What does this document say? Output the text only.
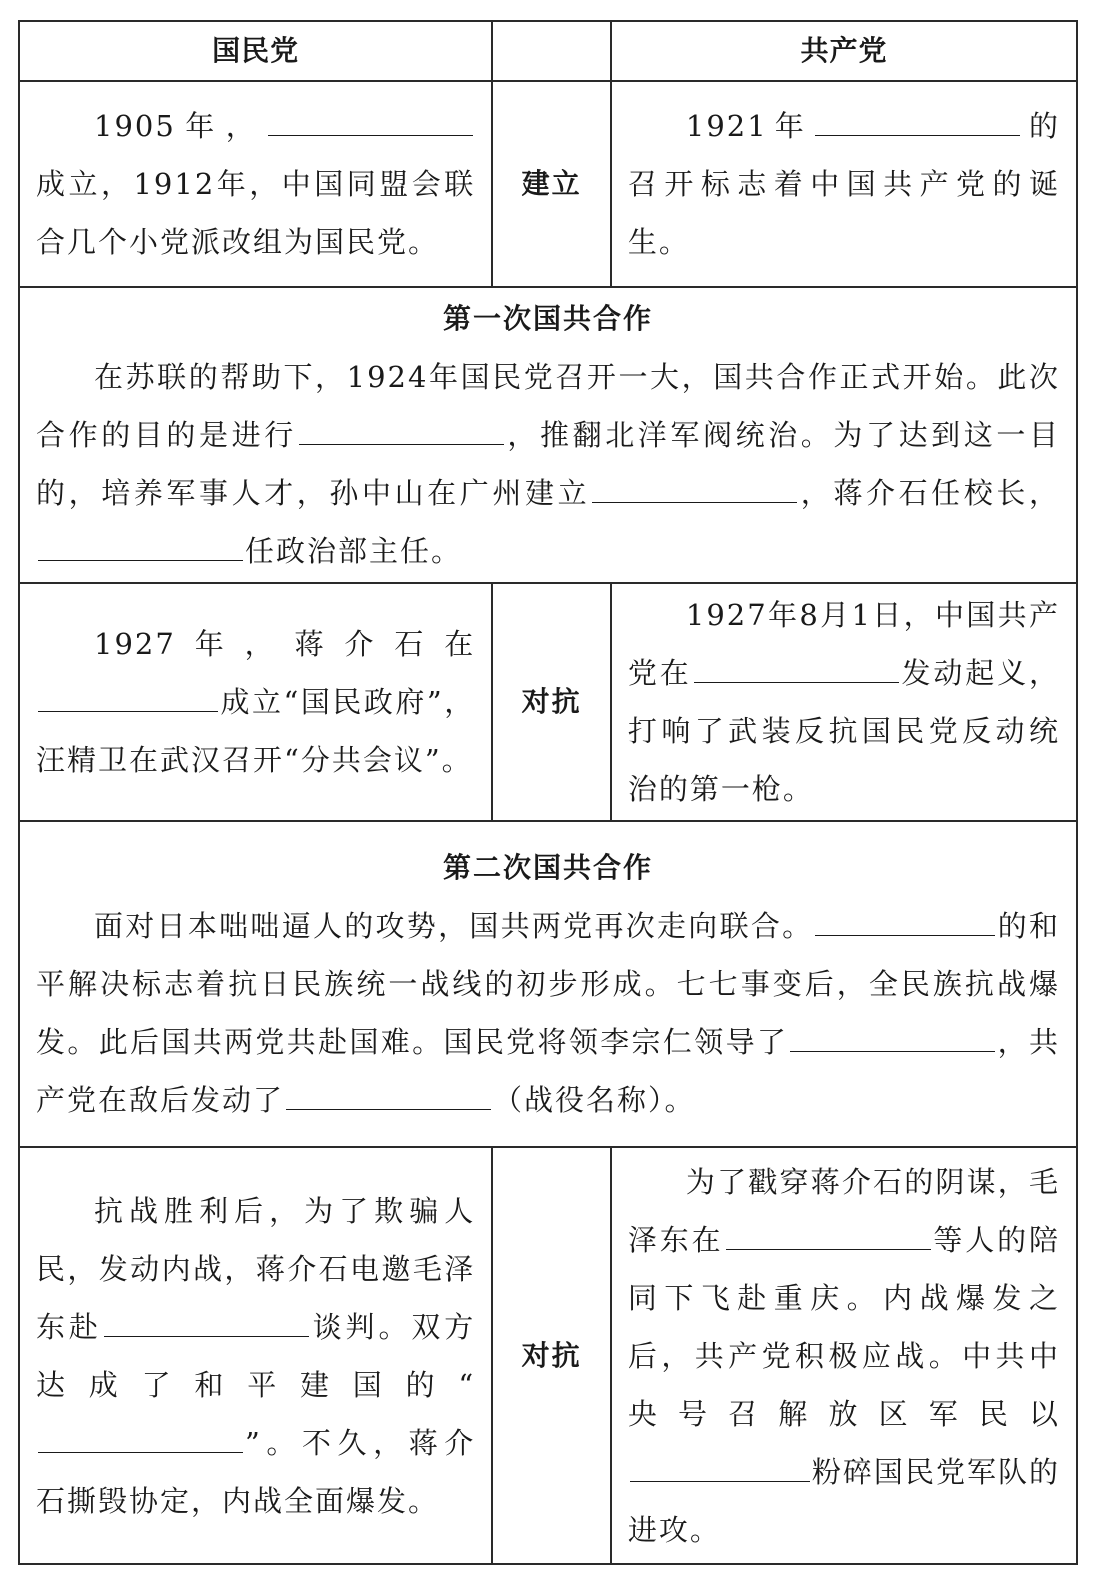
国民党		共产党

1905年，成立，1912年，中国同盟会联合几个小党派改组为国民党。	建立	1921年 的召开标志着中国共产党的诞生。

第一次国共合作
在苏联的帮助下，1924年国民党召开一大，国共合作正式开始。此次合作的目的是进行 ，推翻北洋军阀统治。为了达到这一目的，培养军事人才，孙中山在广州建立 ，蒋介石任校长，任政治部主任。		

1927年，蒋介石在成立“国民政府”，汪精卫在武汉召开“分共会议”。	对抗	1927年8月1日，中国共产党在 发动起义，打响了武装反抗国民党反动统治的第一枪。

第二次国共合作
面对日本咄咄逼人的攻势，国共两党再次走向联合。 的和平解决标志着抗日民族统一战线的初步形成。七七事变后，全民族抗战爆发。此后国共两党共赴国难。国民党将领李宗仁领导了 ，共产党在敌后发动了 （战役名称）。		

抗战胜利后，为了欺骗人民，发动内战，蒋介石电邀毛泽东赴 谈判。双方达成了和平建国的“”。不久，蒋介石撕毁协定，内战全面爆发。	对抗	为了戳穿蒋介石的阴谋，毛泽东在 等人的陪同下飞赴重庆。内战爆发之后，共产党积极应战。中共中央号召解放区军民以粉碎国民党军队的进攻。
